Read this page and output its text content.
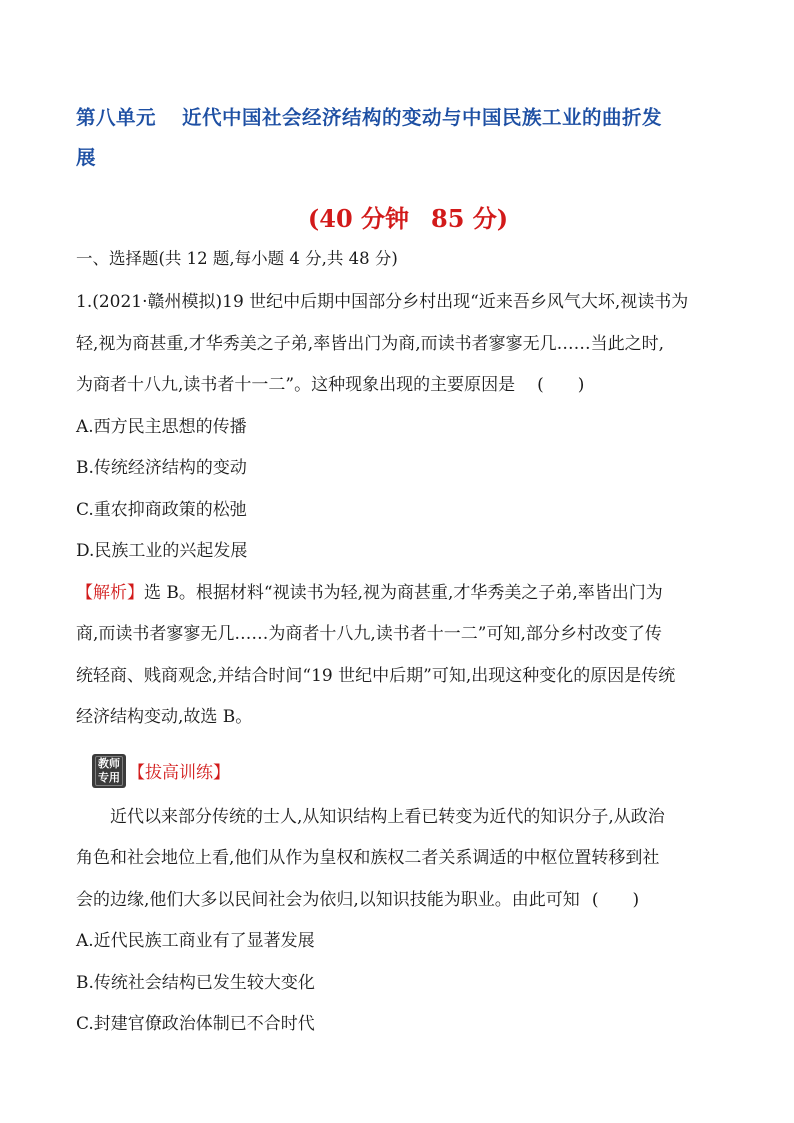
第八单元 近代中国社会经济结构的变动与中国民族工业的曲折发
展

(40 分钟 85 分)
一、选择题(共 12 题,每小题 4 分,共 48 分)

1.(2021·赣州模拟)19 世纪中后期中国部分乡村出现“近来吾乡风气大坏,视读书为
轻,视为商甚重,才华秀美之子弟,率皆出门为商,而读书者寥寥无几……当此之时,
为商者十八九,读书者十一二”。这种现象出现的主要原因是 (　　)

A.西方民主思想的传播

B.传统经济结构的变动

C.重农抑商政策的松弛

D.民族工业的兴起发展

【解析】选 B。根据材料“视读书为轻,视为商甚重,才华秀美之子弟,率皆出门为
商,而读书者寥寥无几……为商者十八九,读书者十一二”可知,部分乡村改变了传
统轻商、贱商观念,并结合时间“19 世纪中后期”可知,出现这种变化的原因是传统
经济结构变动,故选 B。

教师
专用 【拔高训练】

近代以来部分传统的士人,从知识结构上看已转变为近代的知识分子,从政治
角色和社会地位上看,他们从作为皇权和族权二者关系调适的中枢位置转移到社
会的边缘,他们大多以民间社会为依归,以知识技能为职业。由此可知 (　　)

A.近代民族工商业有了显著发展

B.传统社会结构已发生较大变化

C.封建官僚政治体制已不合时代
